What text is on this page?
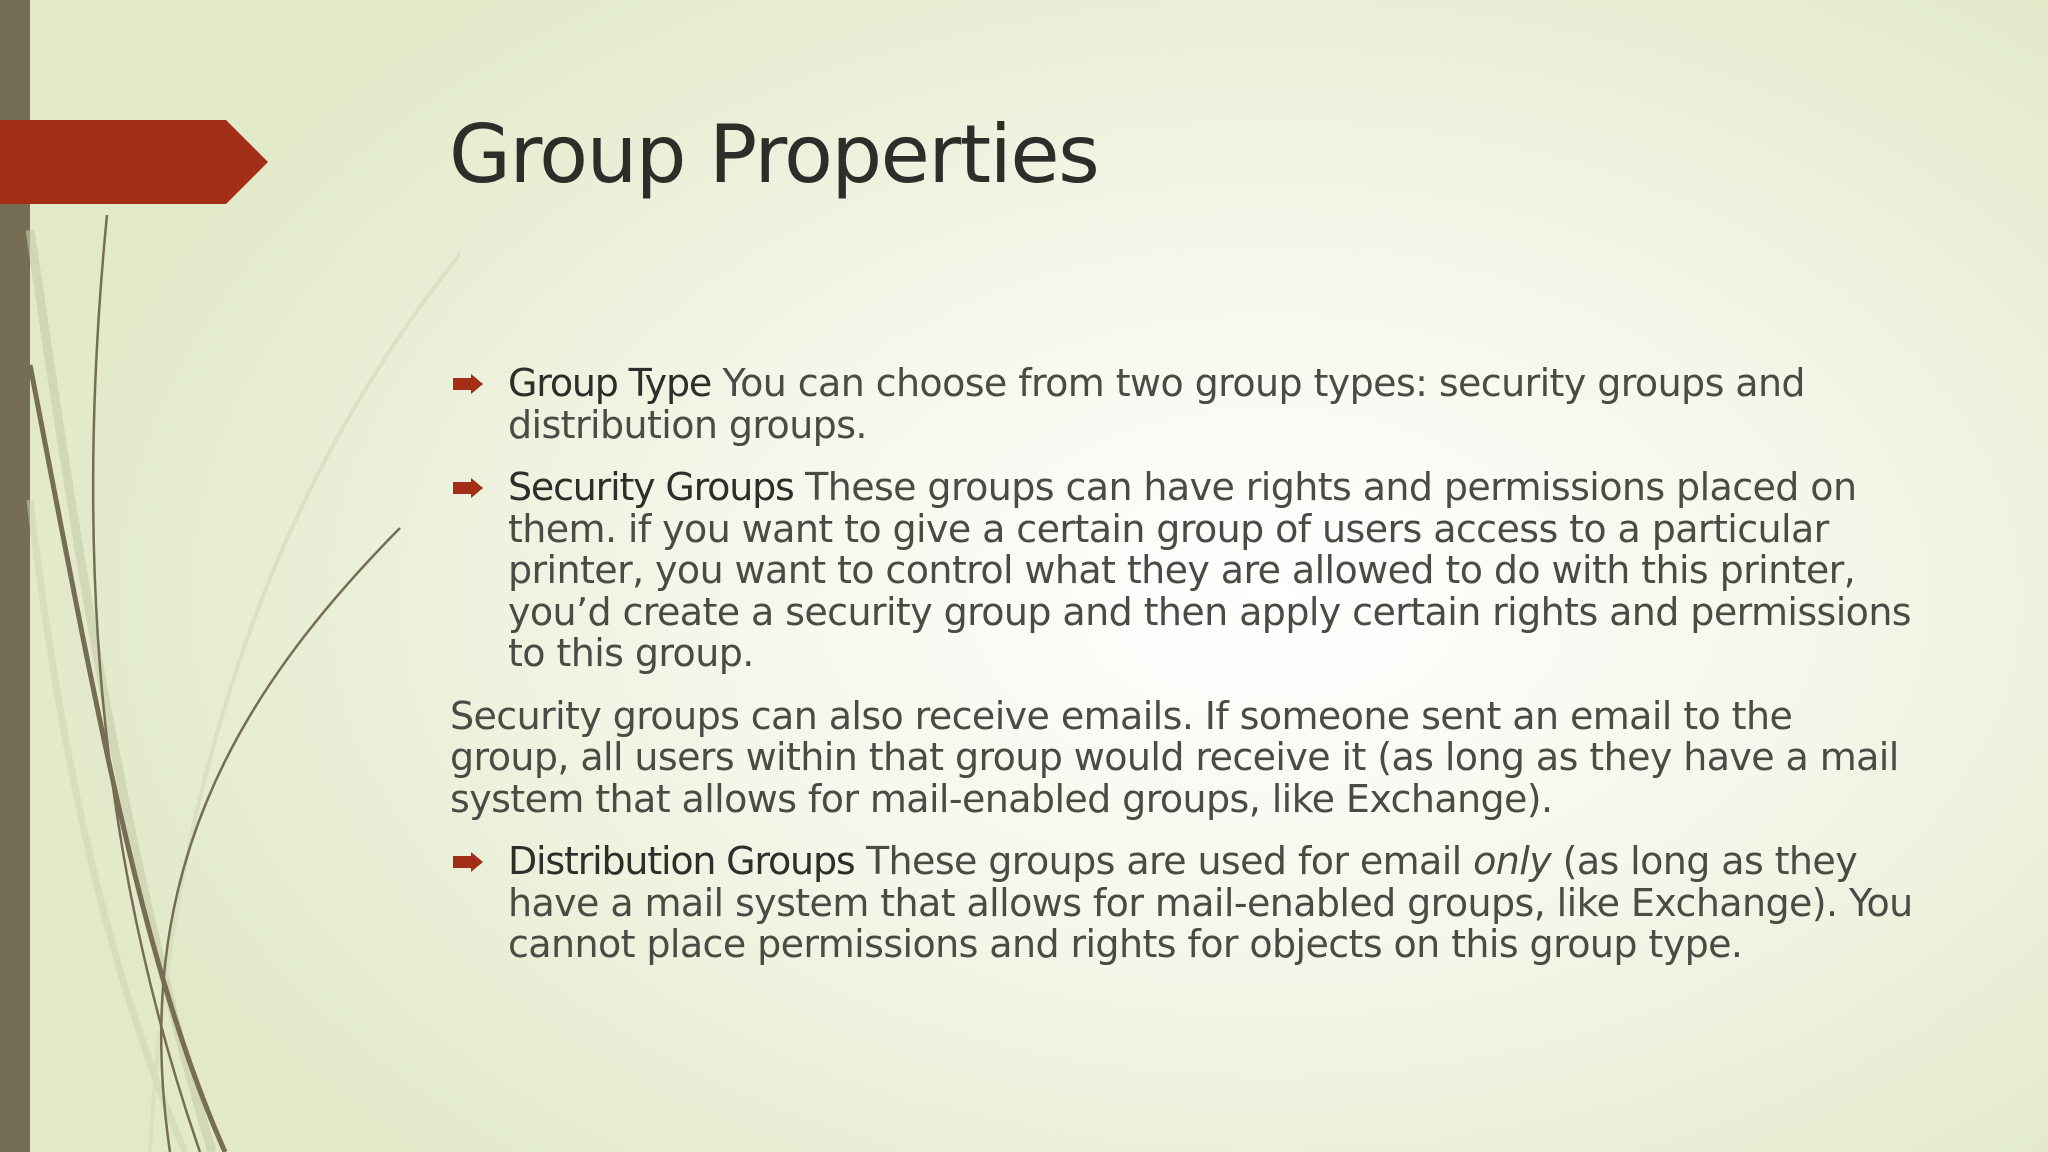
Group Properties
Group Type You can choose from two group types: security groups and distribution groups.
Security Groups These groups can have rights and permissions placed on them. if you want to give a certain group of users access to a particular printer, you want to control what they are allowed to do with this printer, you’d create a security group and then apply certain rights and permissions to this group.
Security groups can also receive emails. If someone sent an email to the group, all users within that group would receive it (as long as they have a mail system that allows for mail-enabled groups, like Exchange).
Distribution Groups These groups are used for email only (as long as they have a mail system that allows for mail-enabled groups, like Exchange). You cannot place permissions and rights for objects on this group type.
